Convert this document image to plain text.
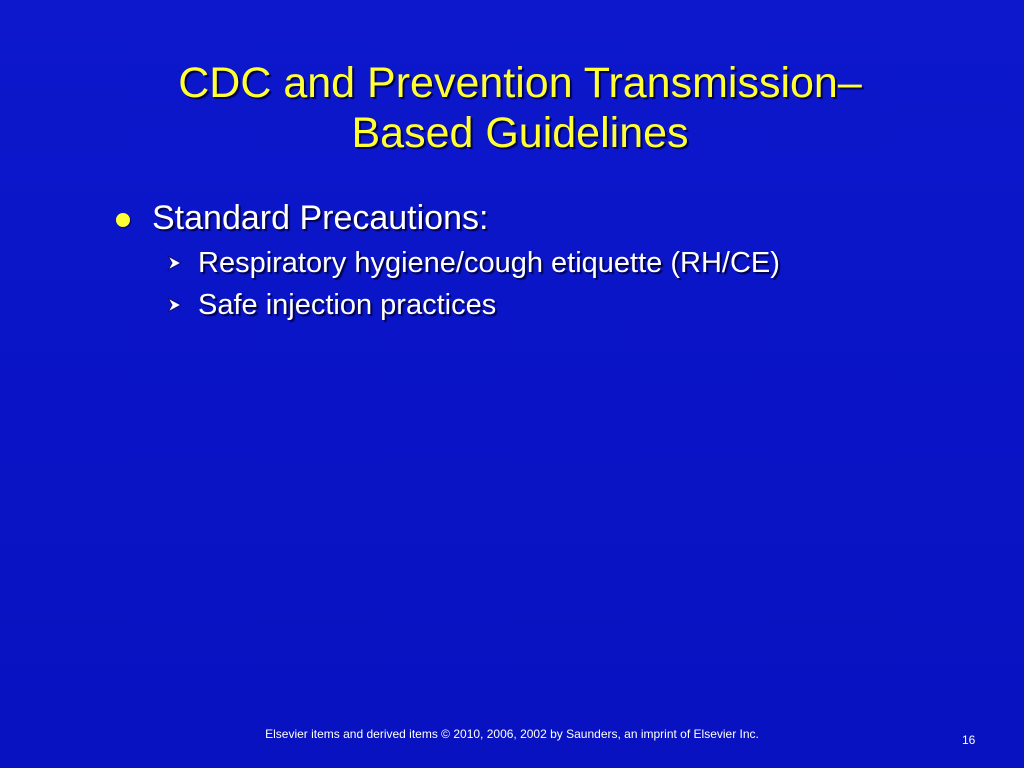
CDC and Prevention Transmission–
Based Guidelines
Standard Precautions:
Respiratory hygiene/cough etiquette (RH/CE)
Safe injection practices
Elsevier items and derived items © 2010, 2006, 2002 by Saunders, an imprint of Elsevier Inc.	16
